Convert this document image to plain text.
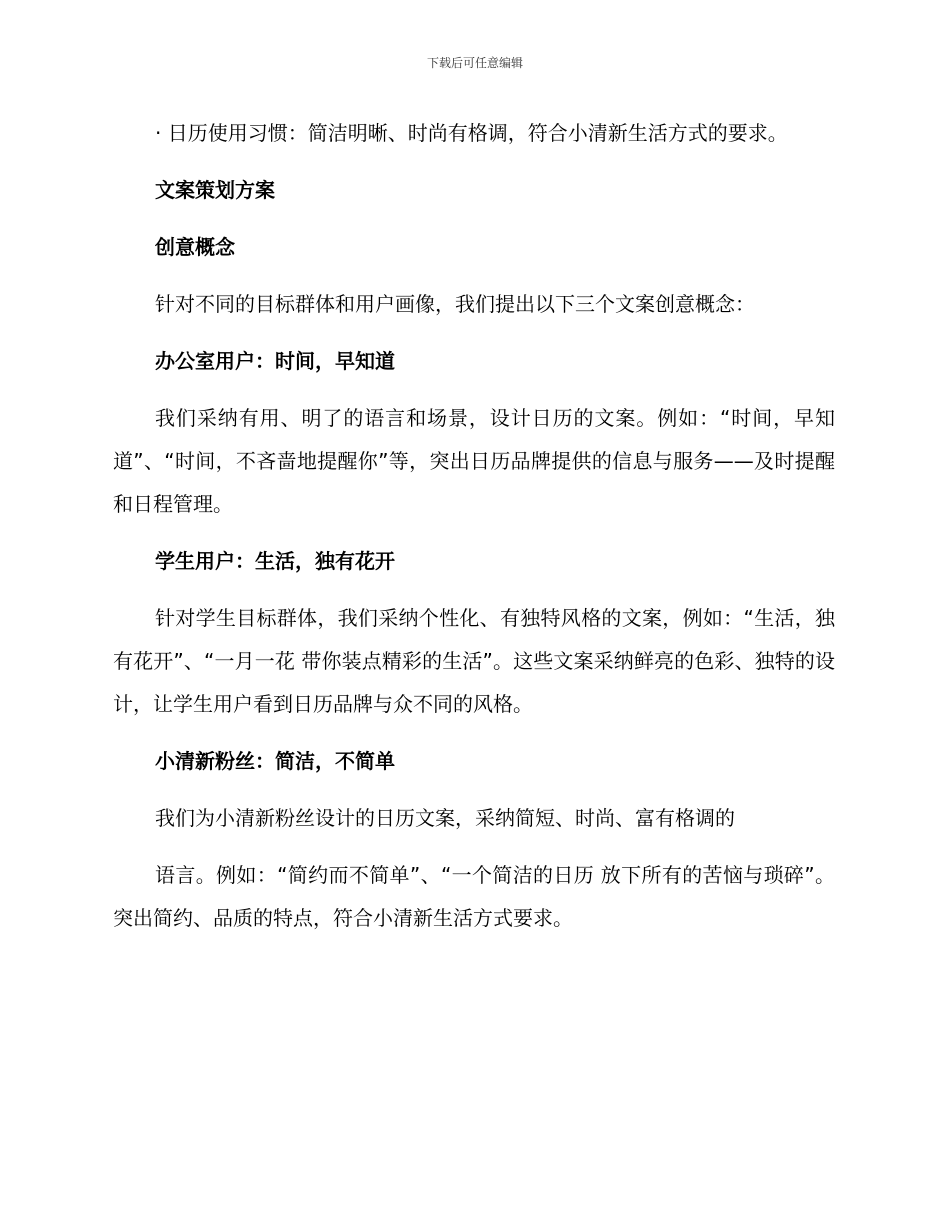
下载后可任意编辑

· 日历使用习惯：简洁明晰、时尚有格调，符合小清新生活方式的要求。

文案策划方案

创意概念

针对不同的目标群体和用户画像，我们提出以下三个文案创意概念：

办公室用户：时间，早知道

我们采纳有用、明了的语言和场景，设计日历的文案。例如：“时间，早知道”、“时间，不吝啬地提醒你”等，突出日历品牌提供的信息与服务——及时提醒和日程管理。

学生用户：生活，独有花开

针对学生目标群体，我们采纳个性化、有独特风格的文案，例如：“生活，独有花开”、“一月一花 带你装点精彩的生活”。这些文案采纳鲜亮的色彩、独特的设计，让学生用户看到日历品牌与众不同的风格。

小清新粉丝：简洁，不简单

我们为小清新粉丝设计的日历文案，采纳简短、时尚、富有格调的

语言。例如：“简约而不简单”、“一个简洁的日历 放下所有的苦恼与琐碎”。突出简约、品质的特点，符合小清新生活方式要求。
